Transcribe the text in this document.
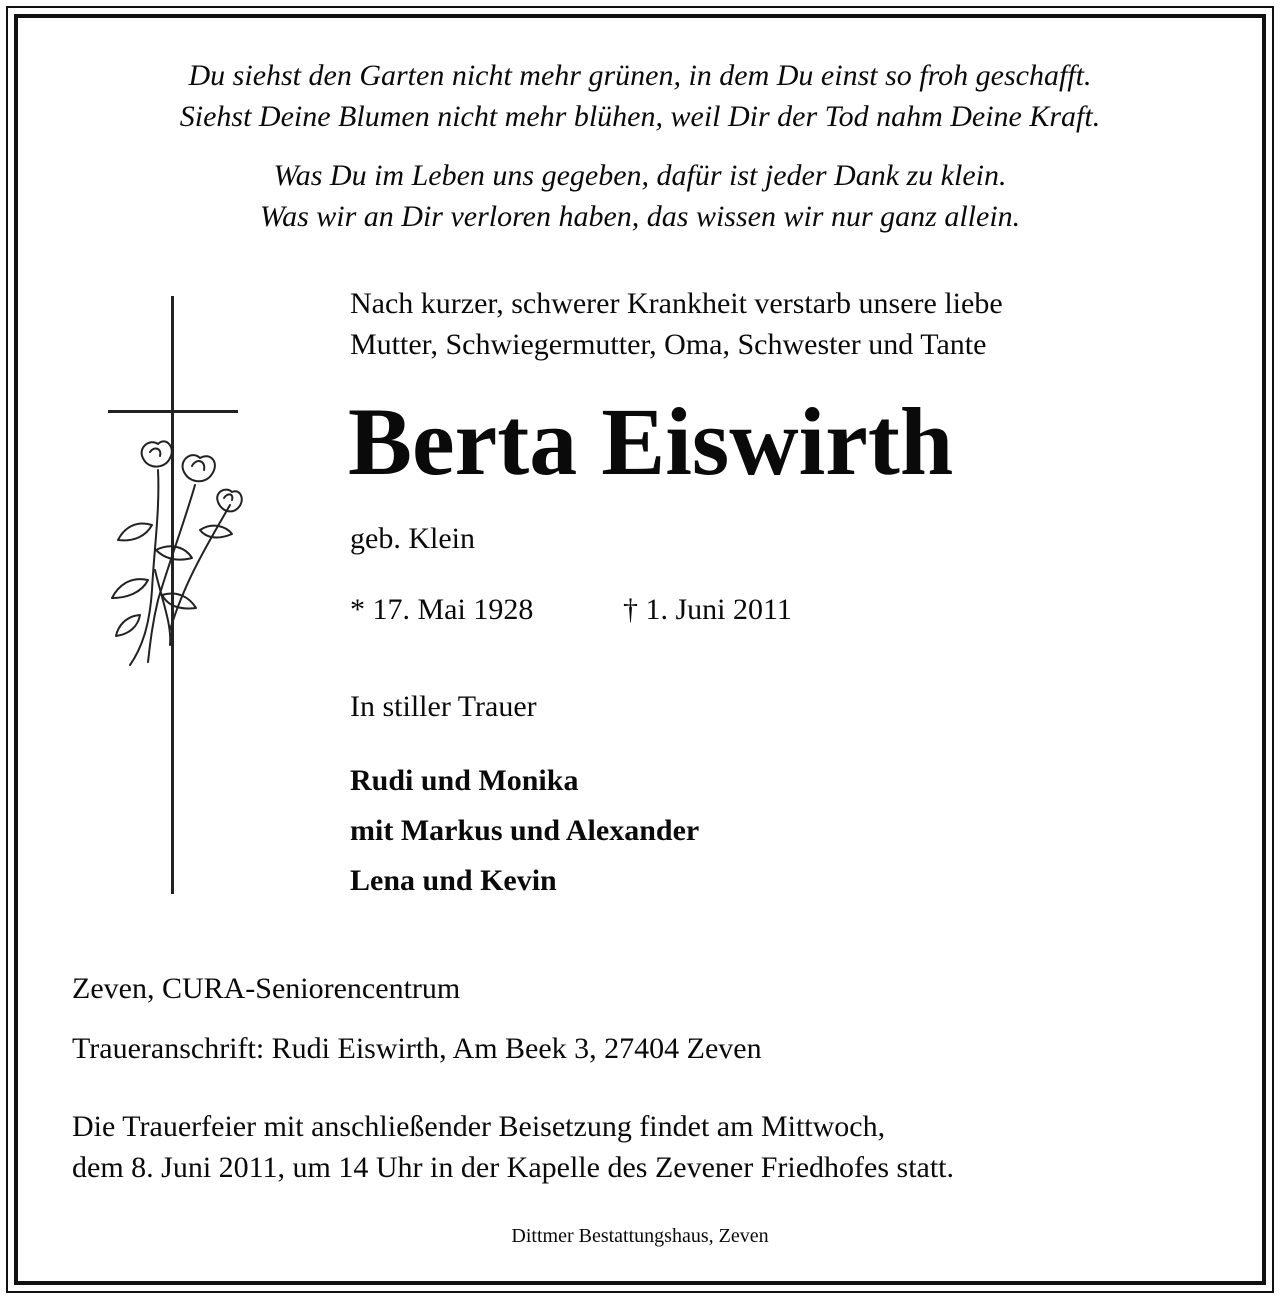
Du siehst den Garten nicht mehr grünen, in dem Du einst so froh geschafft.

Siehst Deine Blumen nicht mehr blühen, weil Dir der Tod nahm Deine Kraft.

Was Du im Leben uns gegeben, dafür ist jeder Dank zu klein.

Was wir an Dir verloren haben, das wissen wir nur ganz allein.

Nach kurzer, schwerer Krankheit verstarb unsere liebe

Mutter, Schwiegermutter, Oma, Schwester und Tante

Berta Eiswirth
geb. Klein
* 17. Mai 1928	† 1. Juni 2011
In stiller Trauer

Rudi und Monika

mit Markus und Alexander

Lena und Kevin

Zeven, CURA-Seniorencentrum
Traueranschrift: Rudi Eiswirth, Am Beek 3, 27404 Zeven

Die Trauerfeier mit anschließender Beisetzung findet am Mittwoch,

dem 8. Juni 2011, um 14 Uhr in der Kapelle des Zevener Friedhofes statt.

Dittmer Bestattungshaus, Zeven
